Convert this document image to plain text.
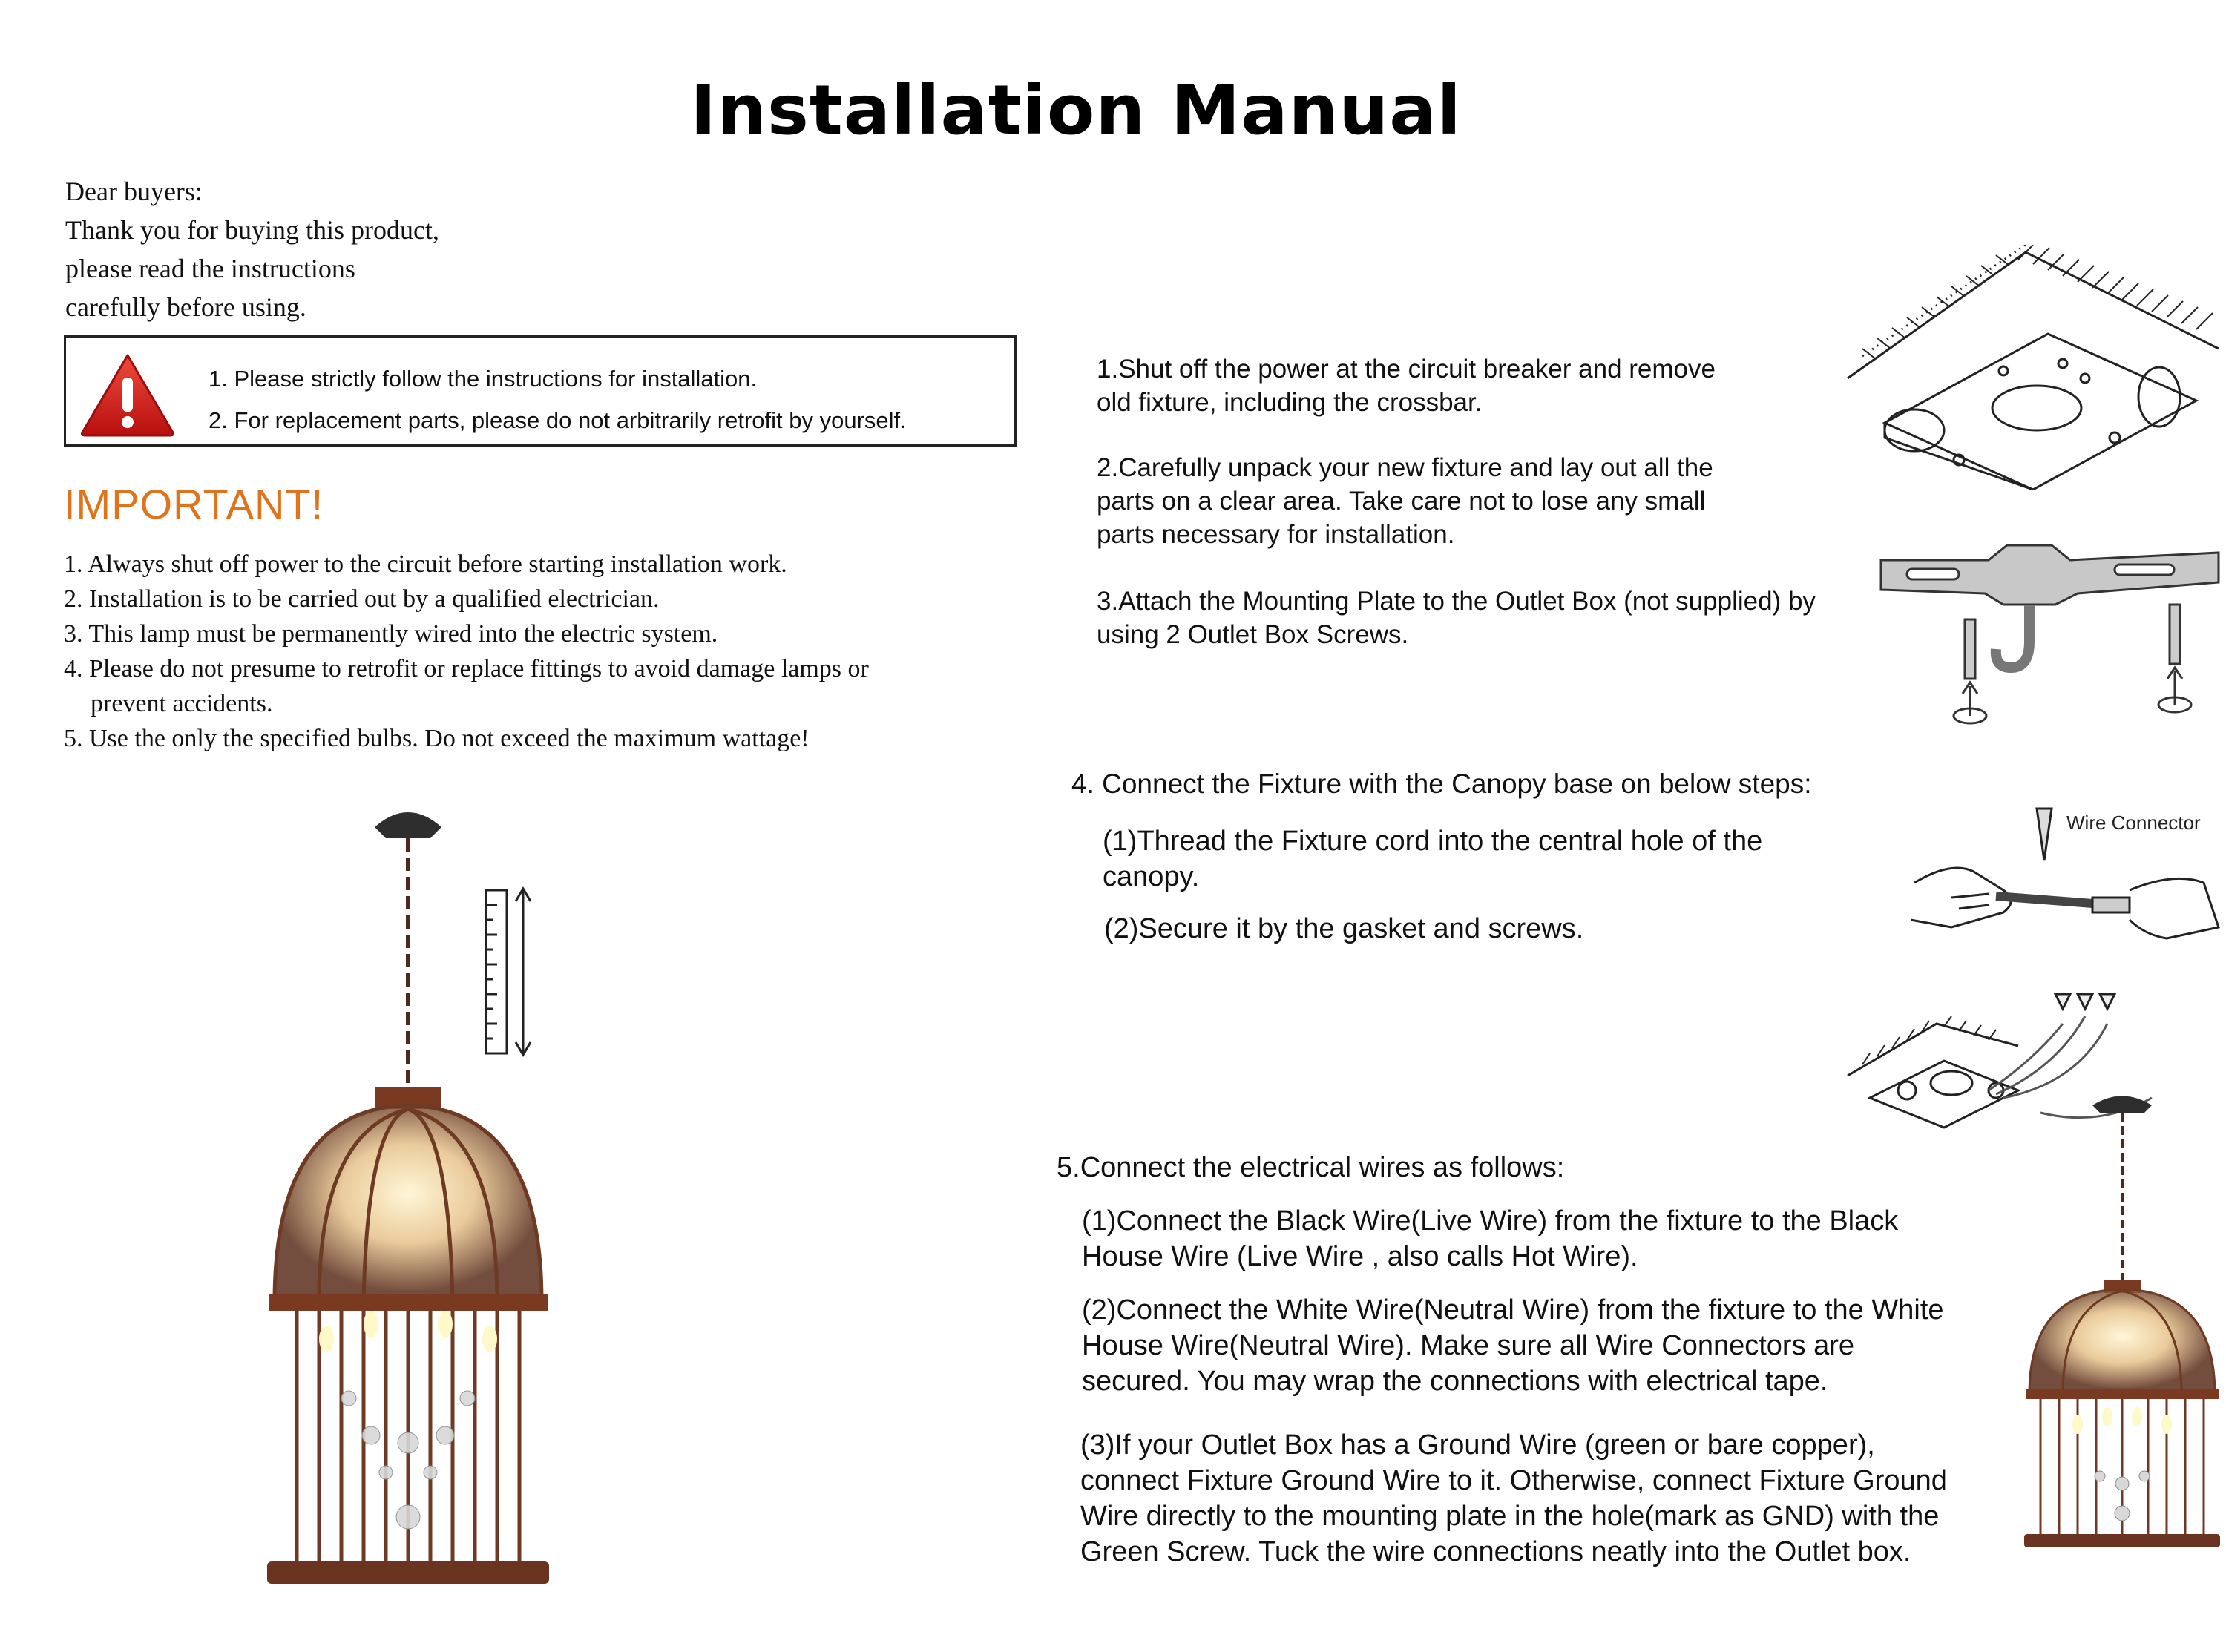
Installation Manual
Dear buyers:
Thank you for buying this product,
please read the instructions
carefully before using.
1. Please strictly follow the instructions for installation.
2. For replacement parts, please do not arbitrarily retrofit by yourself.
IMPORTANT!
1. Always shut off power to the circuit before starting installation work.
2. Installation is to be carried out by a qualified electrician.
3. This lamp must be permanently wired into the electric system.
4. Please do not presume to retrofit or replace fittings to avoid damage lamps or
prevent accidents.
5. Use the only the specified bulbs. Do not exceed the maximum wattage!
1.Shut off the power at the circuit breaker and remove
old fixture, including the crossbar.
2.Carefully unpack your new fixture and lay out all the
parts on a clear area. Take care not to lose any small
parts necessary for installation.
3.Attach the Mounting Plate to the Outlet Box (not supplied) by
using 2 Outlet Box Screws.
4. Connect the Fixture with the Canopy base on below steps:
(1)Thread the Fixture cord into the central hole of the
canopy.
(2)Secure it by the gasket and screws.
5.Connect the electrical wires as follows:
(1)Connect the Black Wire(Live Wire) from the fixture to the Black
House Wire (Live Wire , also calls Hot Wire).
(2)Connect the White Wire(Neutral Wire) from the fixture to the White
House Wire(Neutral Wire). Make sure all Wire Connectors are
secured. You may wrap the connections with electrical tape.
(3)If your Outlet Box has a Ground Wire (green or bare copper),
connect Fixture Ground Wire to it. Otherwise, connect Fixture Ground
Wire directly to the mounting plate in the hole(mark as GND) with the
Green Screw. Tuck the wire connections neatly into the Outlet box.
Wire Connector
